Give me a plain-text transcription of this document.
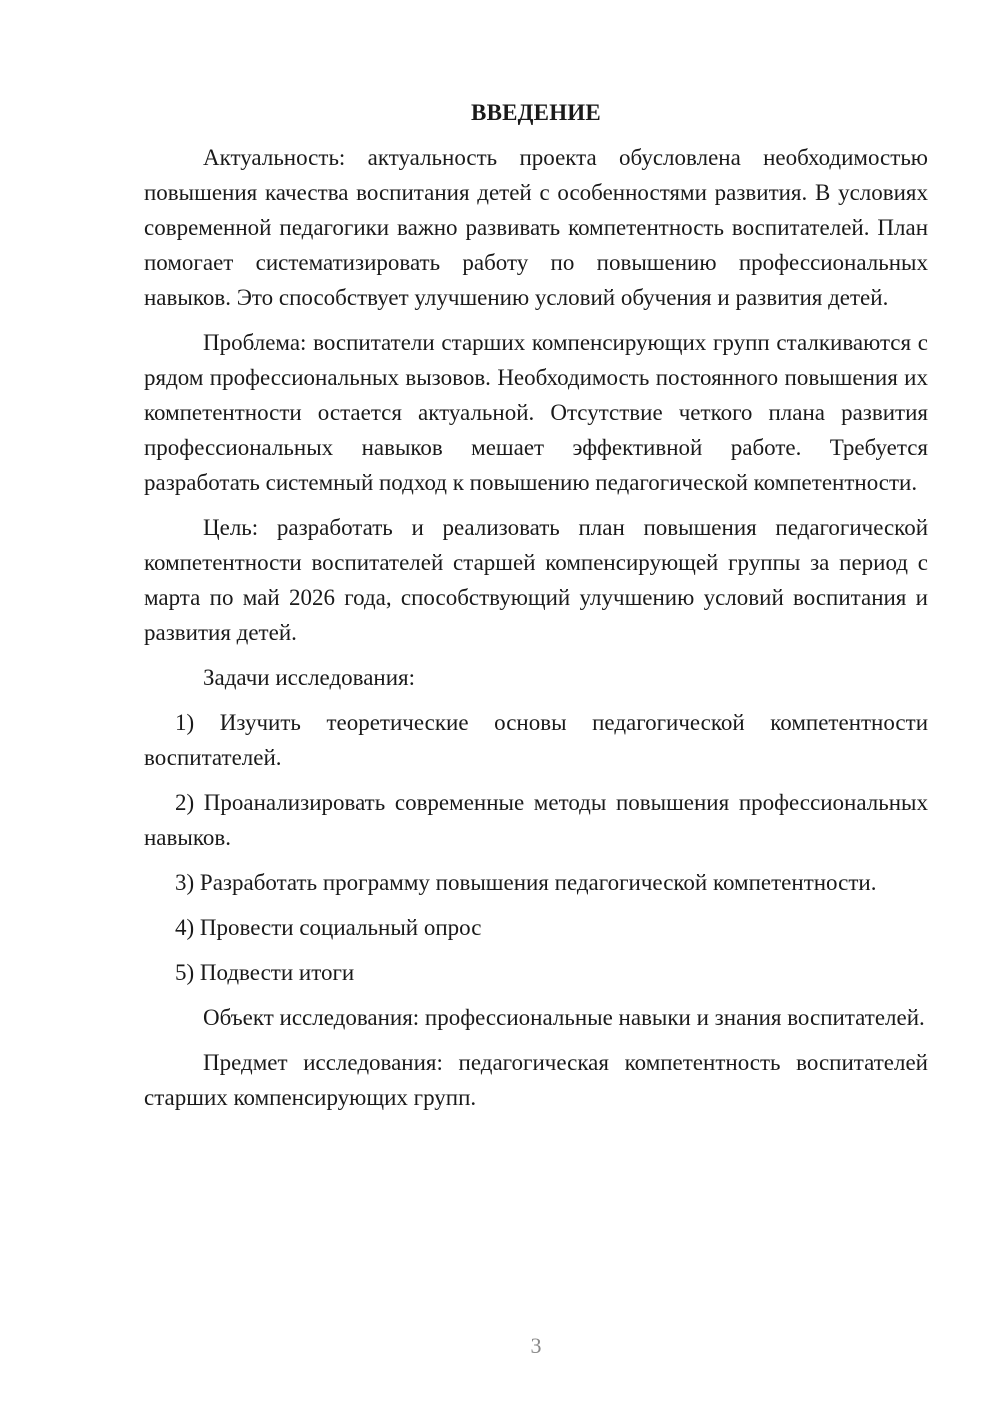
ВВЕДЕНИЕ

Актуальность: актуальность проекта обусловлена необходимостью повышения качества воспитания детей с особенностями развития. В условиях современной педагогики важно развивать компетентность воспитателей. План помогает систематизировать работу по повышению профессиональных навыков. Это способствует улучшению условий обучения и развития детей.

Проблема: воспитатели старших компенсирующих групп сталкиваются с рядом профессиональных вызовов. Необходимость постоянного повышения их компетентности остается актуальной. Отсутствие четкого плана развития профессиональных навыков мешает эффективной работе. Требуется разработать системный подход к повышению педагогической компетентности.

Цель: разработать и реализовать план повышения педагогической компетентности воспитателей старшей компенсирующей группы за период с марта по май 2026 года, способствующий улучшению условий воспитания и развития детей.

Задачи исследования:

1) Изучить теоретические основы педагогической компетентности воспитателей.

2) Проанализировать современные методы повышения профессиональных навыков.

3) Разработать программу повышения педагогической компетентности.

4) Провести социальный опрос

5) Подвести итоги

Объект исследования: профессиональные навыки и знания воспитателей.

Предмет исследования: педагогическая компетентность воспитателей старших компенсирующих групп.

3
